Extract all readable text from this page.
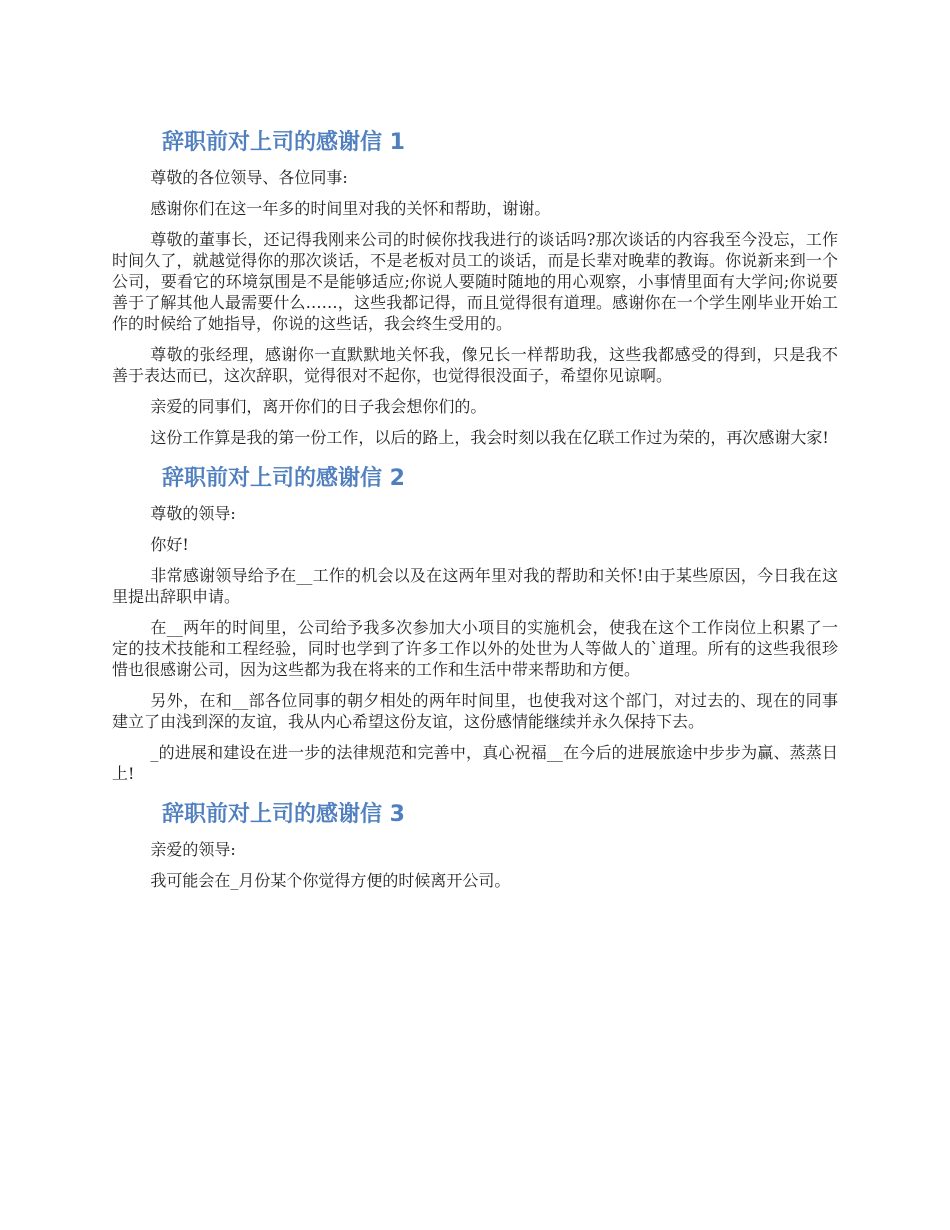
辞职前对上司的感谢信 1

尊敬的各位领导、各位同事:

感谢你们在这一年多的时间里对我的关怀和帮助，谢谢。

尊敬的董事长，还记得我刚来公司的时候你找我进行的谈话吗?那次谈话的内容我至今没忘，工作时间久了，就越觉得你的那次谈话，不是老板对员工的谈话，而是长辈对晚辈的教诲。你说新来到一个公司，要看它的环境氛围是不是能够适应;你说人要随时随地的用心观察，小事情里面有大学问;你说要善于了解其他人最需要什么……，这些我都记得，而且觉得很有道理。感谢你在一个学生刚毕业开始工作的时候给了她指导，你说的这些话，我会终生受用的。

尊敬的张经理，感谢你一直默默地关怀我，像兄长一样帮助我，这些我都感受的得到，只是我不善于表达而已，这次辞职，觉得很对不起你，也觉得很没面子，希望你见谅啊。

亲爱的同事们，离开你们的日子我会想你们的。

这份工作算是我的第一份工作，以后的路上，我会时刻以我在亿联工作过为荣的，再次感谢大家!

辞职前对上司的感谢信 2

尊敬的领导:

你好!

非常感谢领导给予在__工作的机会以及在这两年里对我的帮助和关怀!由于某些原因，今日我在这里提出辞职申请。

在__两年的时间里，公司给予我多次参加大小项目的实施机会，使我在这个工作岗位上积累了一定的技术技能和工程经验，同时也学到了许多工作以外的处世为人等做人的`道理。所有的这些我很珍惜也很感谢公司，因为这些都为我在将来的工作和生活中带来帮助和方便。

另外，在和__部各位同事的朝夕相处的两年时间里，也使我对这个部门，对过去的、现在的同事建立了由浅到深的友谊，我从内心希望这份友谊，这份感情能继续并永久保持下去。

_的进展和建设在进一步的法律规范和完善中，真心祝福__在今后的进展旅途中步步为赢、蒸蒸日上!

辞职前对上司的感谢信 3

亲爱的领导:

我可能会在_月份某个你觉得方便的时候离开公司。
